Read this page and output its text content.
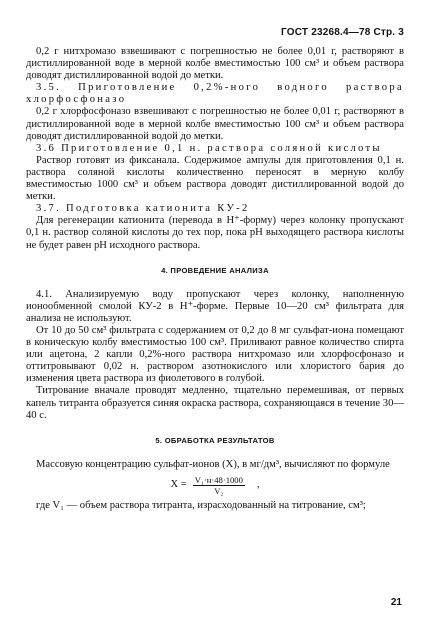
ГОСТ 23268.4—78 Стр. 3

0,2 г нитхромазо взвешивают с погрешностью не более 0,01 г, растворяют в дистиллированной воде в мерной колбе вместимостью 100 см³ и объем раствора доводят дистиллированной водой до метки.

3.5. Приготовление 0,2%-ного водного раствора хлорфосфоназо

0,2 г хлорфосфоназо взвешивают с погрешностью не более 0,01 г, растворяют в дистиллированной воде в мерной колбе вместимостью 100 см³ и объем раствора доводят дистиллированной водой до метки.

3.6 Приготовление 0,1 н. раствора соляной кислоты

Раствор готовят из фиксанала. Содержимое ампулы для приготовления 0,1 н. раствора соляной кислоты количественно переносят в мерную колбу вместимостью 1000 см³ и объем раствора доводят дистиллированной водой до метки.

3.7. Подготовка катионита КУ-2

Для регенерации катионита (перевода в Н⁺-форму) через колонку пропускают 0,1 н. раствор соляной кислоты до тех пор, пока рН выходящего раствора кислоты не будет равен рН исходного раствора.

4. ПРОВЕДЕНИЕ АНАЛИЗА

4.1. Анализируемую воду пропускают через колонку, наполненную ионообменной смолой КУ-2 в Н⁺-форме. Первые 10—20 см³ фильтрата для анализа не используют.

От 10 до 50 см³ фильтрата с содержанием от 0,2 до 8 мг сульфат-иона помещают в коническую колбу вместимостью 100 см³. Приливают равное количество спирта или ацетона, 2 капли 0,2%-ного раствора нитхромазо или хлорфосфоназо и оттитровывают 0,02 н. раствором азотнокислого или хлористого бария до изменения цвета раствора из фиолетового в голубой.

Титрование вначале проводят медленно, тщательно перемешивая, от первых капель титранта образуется синяя окраска раствора, сохраняющаяся в течение 30—40 с.

5. ОБРАБОТКА РЕЗУЛЬТАТОВ

Массовую концентрацию сульфат-ионов (X), в мг/дм³, вычисляют по формуле

$X = \frac{\text{V₁·н·48·1000}}{\text{V₂}}$ ,

где V₁ — объем раствора титранта, израсходованный на титрование, см³;

21
